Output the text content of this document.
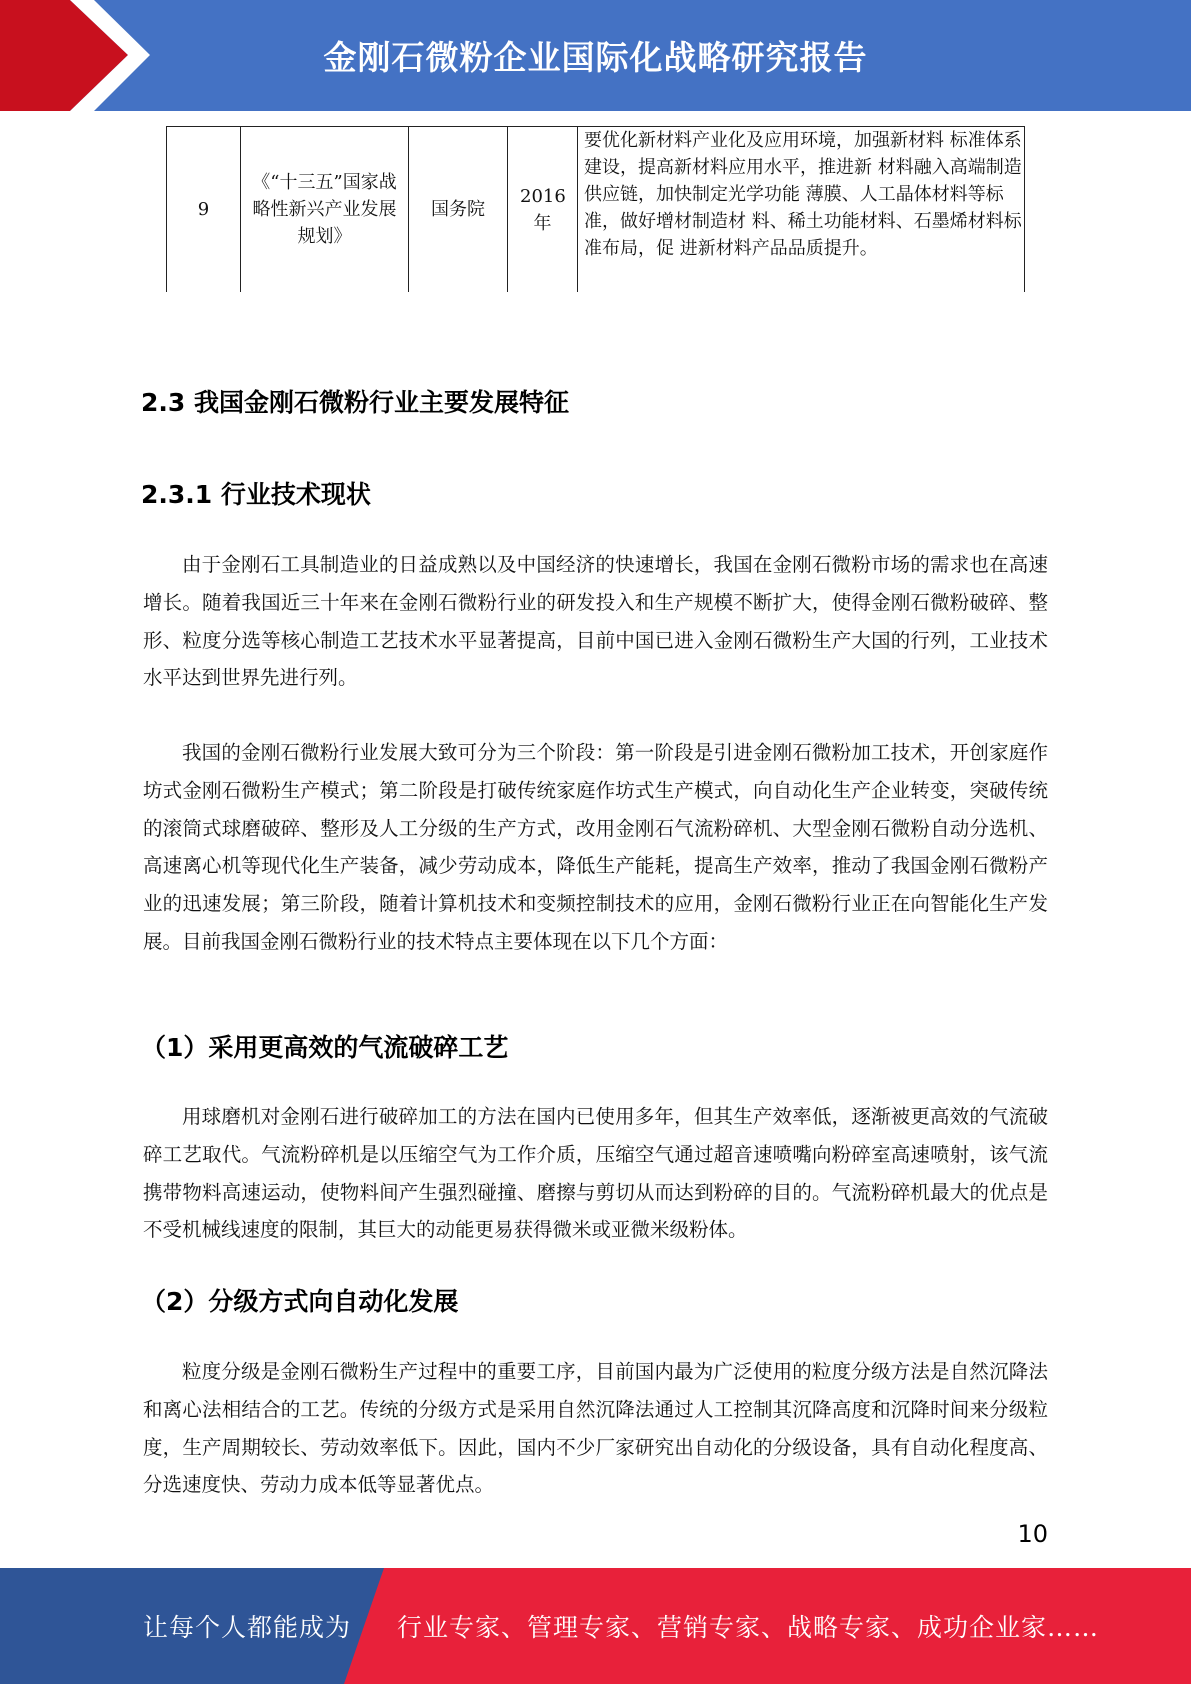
金刚石微粉企业国际化战略研究报告
9	《“十三五”国家战略性新兴产业发展规划》	国务院	2016年	要优化新材料产业化及应用环境，加强新材料 标准体系建设，提高新材料应用水平，推进新 材料融入高端制造供应链，加快制定光学功能 薄膜、人工晶体材料等标准，做好增材制造材 料、稀土功能材料、石墨烯材料标准布局，促 进新材料产品品质提升。
2.3 我国金刚石微粉行业主要发展特征
2.3.1 行业技术现状

由于金刚石工具制造业的日益成熟以及中国经济的快速增长，我国在金刚石微粉市场的需求也在高速增长。随着我国近三十年来在金刚石微粉行业的研发投入和生产规模不断扩大，使得金刚石微粉破碎、整形、粒度分选等核心制造工艺技术水平显著提高，目前中国已进入金刚石微粉生产大国的行列，工业技术水平达到世界先进行列。

我国的金刚石微粉行业发展大致可分为三个阶段：第一阶段是引进金刚石微粉加工技术，开创家庭作坊式金刚石微粉生产模式；第二阶段是打破传统家庭作坊式生产模式，向自动化生产企业转变，突破传统的滚筒式球磨破碎、整形及人工分级的生产方式，改用金刚石气流粉碎机、大型金刚石微粉自动分选机、高速离心机等现代化生产装备，减少劳动成本，降低生产能耗，提高生产效率，推动了我国金刚石微粉产业的迅速发展；第三阶段，随着计算机技术和变频控制技术的应用，金刚石微粉行业正在向智能化生产发展。目前我国金刚石微粉行业的技术特点主要体现在以下几个方面：

（1）采用更高效的气流破碎工艺

用球磨机对金刚石进行破碎加工的方法在国内已使用多年，但其生产效率低，逐渐被更高效的气流破碎工艺取代。气流粉碎机是以压缩空气为工作介质，压缩空气通过超音速喷嘴向粉碎室高速喷射，该气流携带物料高速运动，使物料间产生强烈碰撞、磨擦与剪切从而达到粉碎的目的。气流粉碎机最大的优点是不受机械线速度的限制，其巨大的动能更易获得微米或亚微米级粉体。

（2）分级方式向自动化发展

粒度分级是金刚石微粉生产过程中的重要工序，目前国内最为广泛使用的粒度分级方法是自然沉降法和离心法相结合的工艺。传统的分级方式是采用自然沉降法通过人工控制其沉降高度和沉降时间来分级粒度，生产周期较长、劳动效率低下。因此，国内不少厂家研究出自动化的分级设备，具有自动化程度高、分选速度快、劳动力成本低等显著优点。

10
让每个人都能成为 行业专家、管理专家、营销专家、战略专家、成功企业家……
